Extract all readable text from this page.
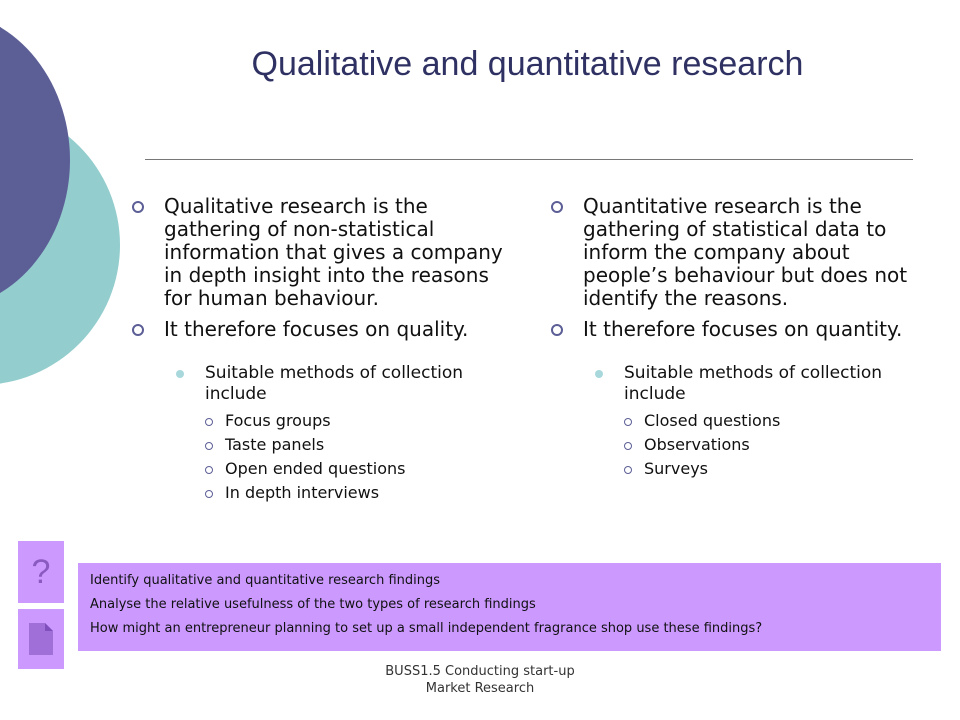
Qualitative and quantitative research
Qualitative research is the gathering of non-statistical information that gives a company in depth insight into the reasons for human behaviour.
It therefore focuses on quality.
Suitable methods of collection include
Focus groups
Taste panels
Open ended questions
In depth interviews
Quantitative research is the gathering of statistical data to inform the company about people’s behaviour but does not identify the reasons.
It therefore focuses on quantity.
Suitable methods of collection include
Closed questions
Observations
Surveys
?	Identify qualitative and quantitative research findings
Analyse the relative usefulness of the two types of research findings
How might an entrepreneur planning to set up a small independent fragrance shop use these findings?
BUSS1.5 Conducting start-up
Market Research
